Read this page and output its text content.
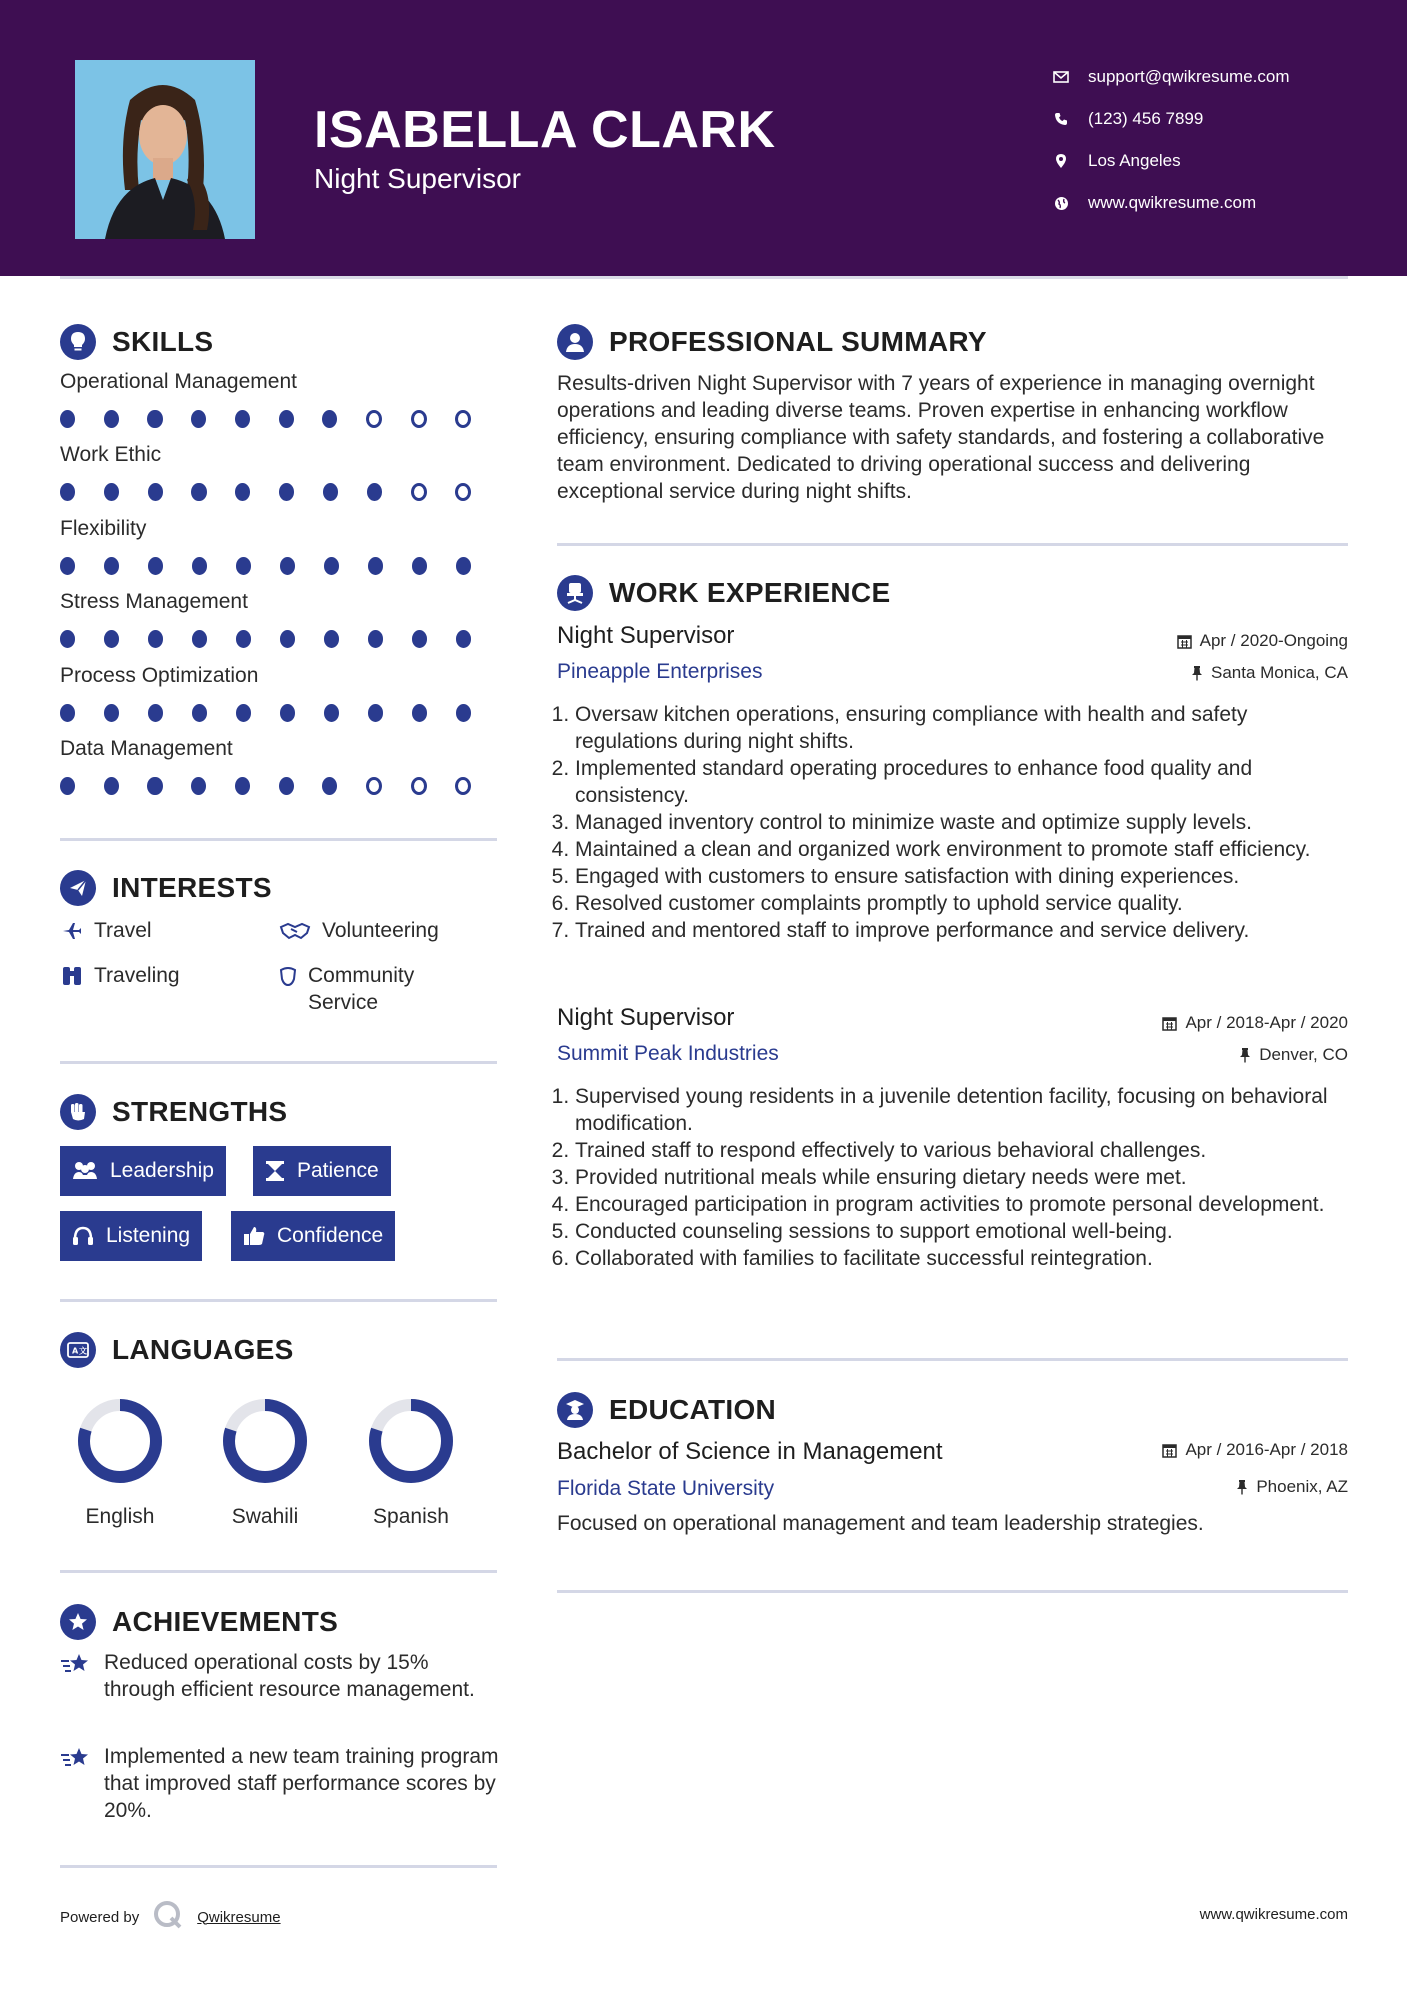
ISABELLA CLARK
Night Supervisor
support@qwikresume.com
(123) 456 7899
Los Angeles
www.qwikresume.com
SKILLS
Operational Management
Work Ethic
Flexibility
Stress Management
Process Optimization
Data Management
INTERESTS
Travel	Volunteering
Traveling	Community Service
STRENGTHS
Leadership	Patience
Listening	Confidence
A 文 LANGUAGES
English	Swahili	Spanish
ACHIEVEMENTS
Reduced operational costs by 15% through efficient resource management.
Implemented a new team training program that improved staff performance scores by 20%.
PROFESSIONAL SUMMARY
Results-driven Night Supervisor with 7 years of experience in managing overnight operations and leading diverse teams. Proven expertise in enhancing workflow efficiency, ensuring compliance with safety standards, and fostering a collaborative team environment. Dedicated to driving operational success and delivering exceptional service during night shifts.
WORK EXPERIENCE
Night Supervisor	Apr / 2020-Ongoing
Pineapple Enterprises	Santa Monica, CA
1. Oversaw kitchen operations, ensuring compliance with health and safety regulations during night shifts.
2. Implemented standard operating procedures to enhance food quality and consistency.
3. Managed inventory control to minimize waste and optimize supply levels.
4. Maintained a clean and organized work environment to promote staff efficiency.
5. Engaged with customers to ensure satisfaction with dining experiences.
6. Resolved customer complaints promptly to uphold service quality.
7. Trained and mentored staff to improve performance and service delivery.
Night Supervisor	Apr / 2018-Apr / 2020
Summit Peak Industries	Denver, CO
1. Supervised young residents in a juvenile detention facility, focusing on behavioral modification.
2. Trained staff to respond effectively to various behavioral challenges.
3. Provided nutritional meals while ensuring dietary needs were met.
4. Encouraged participation in program activities to promote personal development.
5. Conducted counseling sessions to support emotional well-being.
6. Collaborated with families to facilitate successful reintegration.
EDUCATION
Bachelor of Science in Management	Apr / 2016-Apr / 2018
Florida State University	Phoenix, AZ
Focused on operational management and team leadership strategies.
Powered by	Qwikresume	www.qwikresume.com
